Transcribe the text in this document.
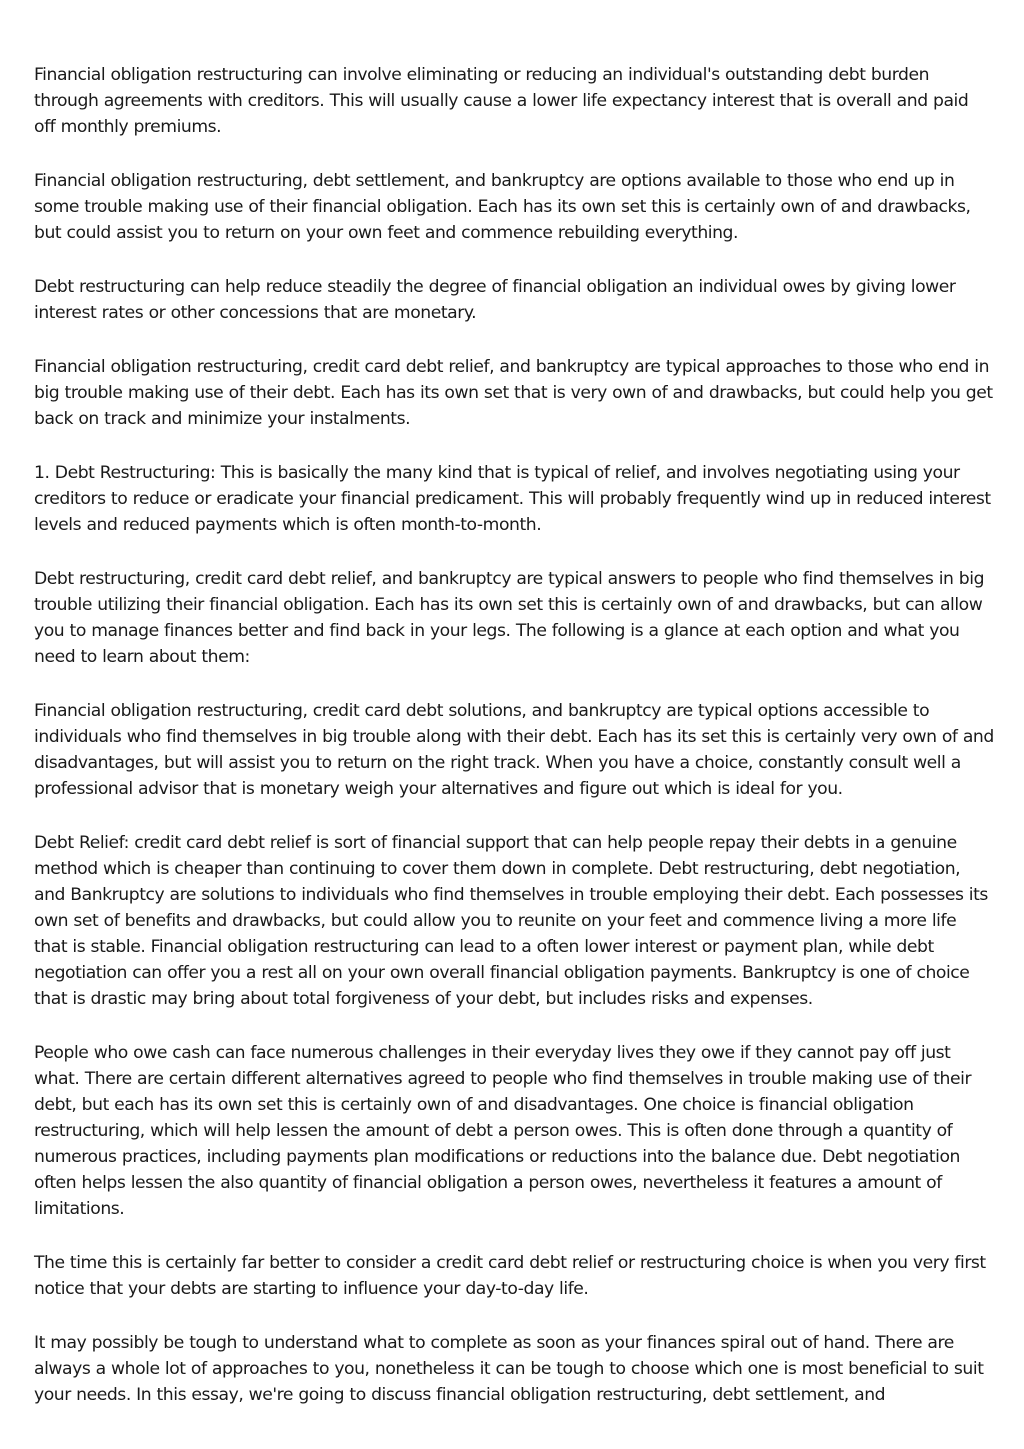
Financial obligation restructuring can involve eliminating or reducing an individual's outstanding debt burden through agreements with creditors. This will usually cause a lower life expectancy interest that is overall and paid off monthly premiums.

Financial obligation restructuring, debt settlement, and bankruptcy are options available to those who end up in some trouble making use of their financial obligation. Each has its own set this is certainly own of and drawbacks, but could assist you to return on your own feet and commence rebuilding everything.

Debt restructuring can help reduce steadily the degree of financial obligation an individual owes by giving lower interest rates or other concessions that are monetary.

Financial obligation restructuring, credit card debt relief, and bankruptcy are typical approaches to those who end in big trouble making use of their debt. Each has its own set that is very own of and drawbacks, but could help you get back on track and minimize your instalments.

1. Debt Restructuring: This is basically the many kind that is typical of relief, and involves negotiating using your creditors to reduce or eradicate your financial predicament. This will probably frequently wind up in reduced interest levels and reduced payments which is often month-to-month.

Debt restructuring, credit card debt relief, and bankruptcy are typical answers to people who find themselves in big trouble utilizing their financial obligation. Each has its own set this is certainly own of and drawbacks, but can allow you to manage finances better and find back in your legs. The following is a glance at each option and what you need to learn about them:

Financial obligation restructuring, credit card debt solutions, and bankruptcy are typical options accessible to individuals who find themselves in big trouble along with their debt. Each has its set this is certainly very own of and disadvantages, but will assist you to return on the right track. When you have a choice, constantly consult well a professional advisor that is monetary weigh your alternatives and figure out which is ideal for you.

Debt Relief: credit card debt relief is sort of financial support that can help people repay their debts in a genuine method which is cheaper than continuing to cover them down in complete. Debt restructuring, debt negotiation, and Bankruptcy are solutions to individuals who find themselves in trouble employing their debt. Each possesses its own set of benefits and drawbacks, but could allow you to reunite on your feet and commence living a more life that is stable. Financial obligation restructuring can lead to a often lower interest or payment plan, while debt negotiation can offer you a rest all on your own overall financial obligation payments. Bankruptcy is one of choice that is drastic may bring about total forgiveness of your debt, but includes risks and expenses.

People who owe cash can face numerous challenges in their everyday lives they owe if they cannot pay off just what. There are certain different alternatives agreed to people who find themselves in trouble making use of their debt, but each has its own set this is certainly own of and disadvantages. One choice is financial obligation restructuring, which will help lessen the amount of debt a person owes. This is often done through a quantity of numerous practices, including payments plan modifications or reductions into the balance due. Debt negotiation often helps lessen the also quantity of financial obligation a person owes, nevertheless it features a amount of limitations.

The time this is certainly far better to consider a credit card debt relief or restructuring choice is when you very first notice that your debts are starting to influence your day-to-day life.

It may possibly be tough to understand what to complete as soon as your finances spiral out of hand. There are always a whole lot of approaches to you, nonetheless it can be tough to choose which one is most beneficial to suit your needs. In this essay, we're going to discuss financial obligation restructuring, debt settlement, and
